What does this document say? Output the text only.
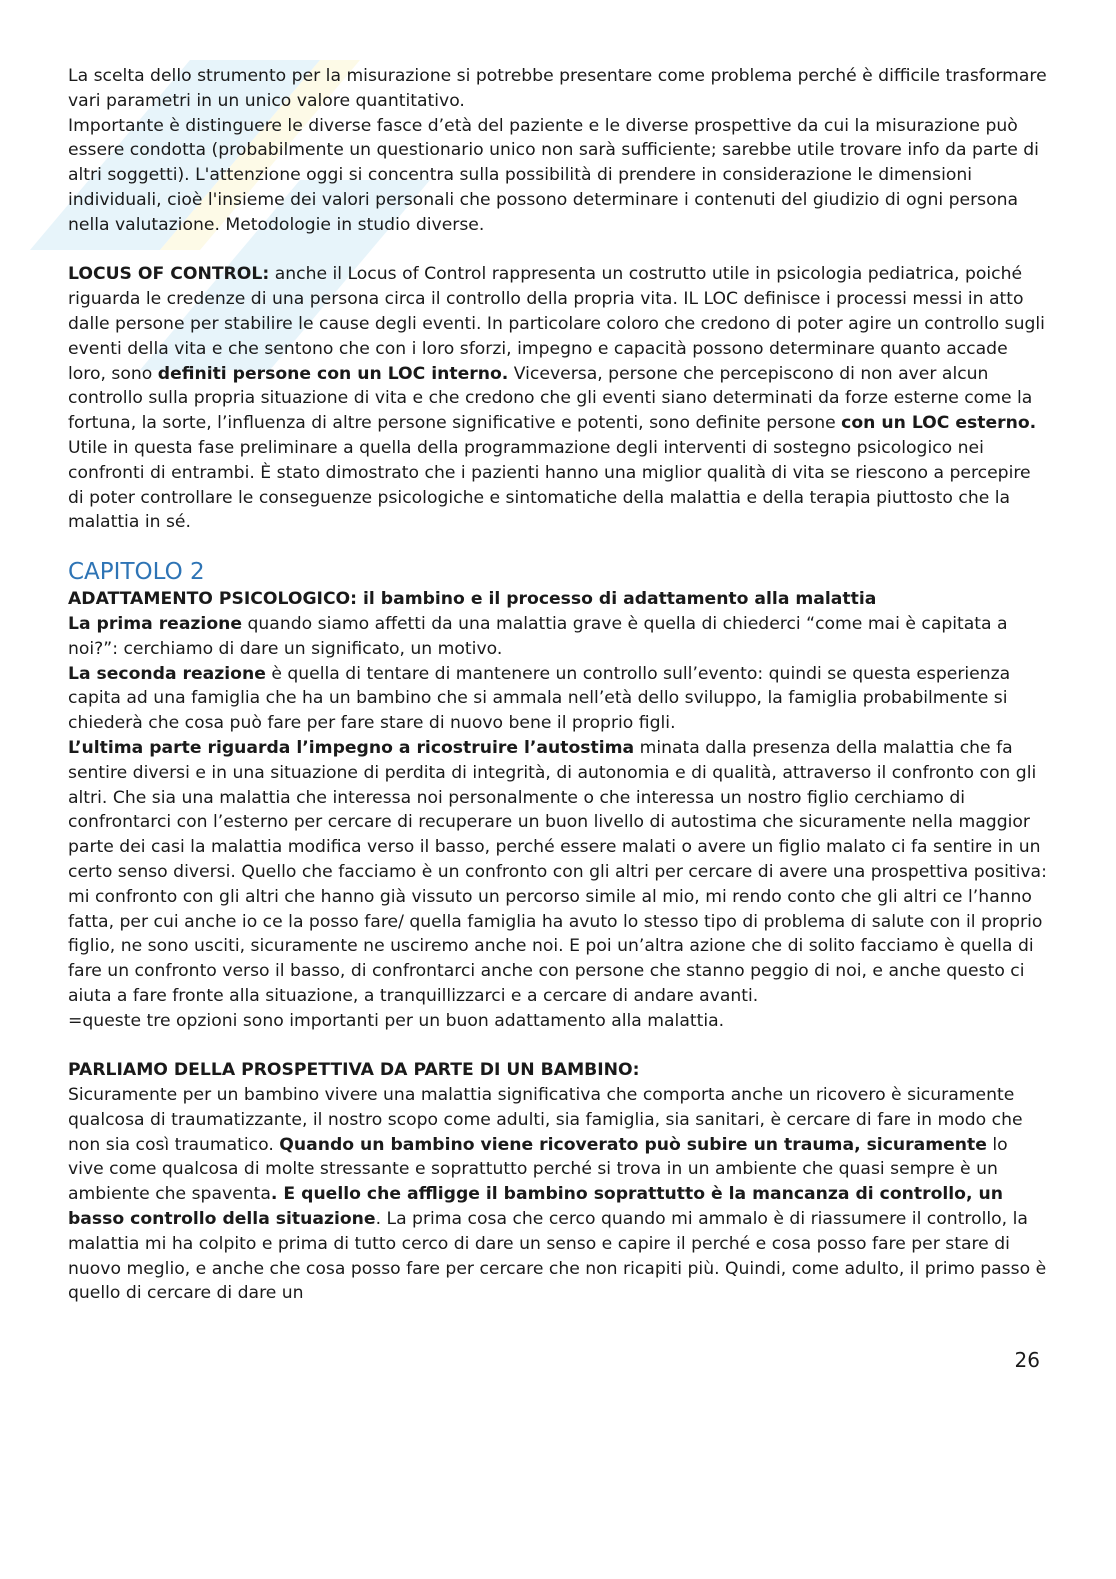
La scelta dello strumento per la misurazione si potrebbe presentare come problema perché è difficile trasformare vari parametri in un unico valore quantitativo.

Importante è distinguere le diverse fasce d’età del paziente e le diverse prospettive da cui la misurazione può essere condotta (probabilmente un questionario unico non sarà sufficiente; sarebbe utile trovare info da parte di altri soggetti). L'attenzione oggi si concentra sulla possibilità di prendere in considerazione le dimensioni individuali, cioè l'insieme dei valori personali che possono determinare i contenuti del giudizio di ogni persona nella valutazione. Metodologie in studio diverse.

LOCUS OF CONTROL: anche il Locus of Control rappresenta un costrutto utile in psicologia pediatrica, poiché riguarda le credenze di una persona circa il controllo della propria vita. IL LOC definisce i processi messi in atto dalle persone per stabilire le cause degli eventi. In particolare coloro che credono di poter agire un controllo sugli eventi della vita e che sentono che con i loro sforzi, impegno e capacità possono determinare quanto accade loro, sono definiti persone con un LOC interno. Viceversa, persone che percepiscono di non aver alcun controllo sulla propria situazione di vita e che credono che gli eventi siano determinati da forze esterne come la fortuna, la sorte, l’influenza di altre persone significative e potenti, sono definite persone con un LOC esterno. Utile in questa fase preliminare a quella della programmazione degli interventi di sostegno psicologico nei confronti di entrambi. È stato dimostrato che i pazienti hanno una miglior qualità di vita se riescono a percepire di poter controllare le conseguenze psicologiche e sintomatiche della malattia e della terapia piuttosto che la malattia in sé.

CAPITOLO 2

ADATTAMENTO PSICOLOGICO: il bambino e il processo di adattamento alla malattia

La prima reazione quando siamo affetti da una malattia grave è quella di chiederci “come mai è capitata a noi?”: cerchiamo di dare un significato, un motivo.

La seconda reazione è quella di tentare di mantenere un controllo sull’evento: quindi se questa esperienza capita ad una famiglia che ha un bambino che si ammala nell’età dello sviluppo, la famiglia probabilmente si chiederà che cosa può fare per fare stare di nuovo bene il proprio figli.

L’ultima parte riguarda l’impegno a ricostruire l’autostima minata dalla presenza della malattia che fa sentire diversi e in una situazione di perdita di integrità, di autonomia e di qualità, attraverso il confronto con gli altri. Che sia una malattia che interessa noi personalmente o che interessa un nostro figlio cerchiamo di confrontarci con l’esterno per cercare di recuperare un buon livello di autostima che sicuramente nella maggior parte dei casi la malattia modifica verso il basso, perché essere malati o avere un figlio malato ci fa sentire in un certo senso diversi. Quello che facciamo è un confronto con gli altri per cercare di avere una prospettiva positiva: mi confronto con gli altri che hanno già vissuto un percorso simile al mio, mi rendo conto che gli altri ce l’hanno fatta, per cui anche io ce la posso fare/ quella famiglia ha avuto lo stesso tipo di problema di salute con il proprio figlio, ne sono usciti, sicuramente ne usciremo anche noi. E poi un’altra azione che di solito facciamo è quella di fare un confronto verso il basso, di confrontarci anche con persone che stanno peggio di noi, e anche questo ci aiuta a fare fronte alla situazione, a tranquillizzarci e a cercare di andare avanti.

=queste tre opzioni sono importanti per un buon adattamento alla malattia.

PARLIAMO DELLA PROSPETTIVA DA PARTE DI UN BAMBINO:

Sicuramente per un bambino vivere una malattia significativa che comporta anche un ricovero è sicuramente qualcosa di traumatizzante, il nostro scopo come adulti, sia famiglia, sia sanitari, è cercare di fare in modo che non sia così traumatico. Quando un bambino viene ricoverato può subire un trauma, sicuramente lo vive come qualcosa di molte stressante e soprattutto perché si trova in un ambiente che quasi sempre è un ambiente che spaventa. E quello che affligge il bambino soprattutto è la mancanza di controllo, un basso controllo della situazione. La prima cosa che cerco quando mi ammalo è di riassumere il controllo, la malattia mi ha colpito e prima di tutto cerco di dare un senso e capire il perché e cosa posso fare per stare di nuovo meglio, e anche che cosa posso fare per cercare che non ricapiti più. Quindi, come adulto, il primo passo è quello di cercare di dare un

26
